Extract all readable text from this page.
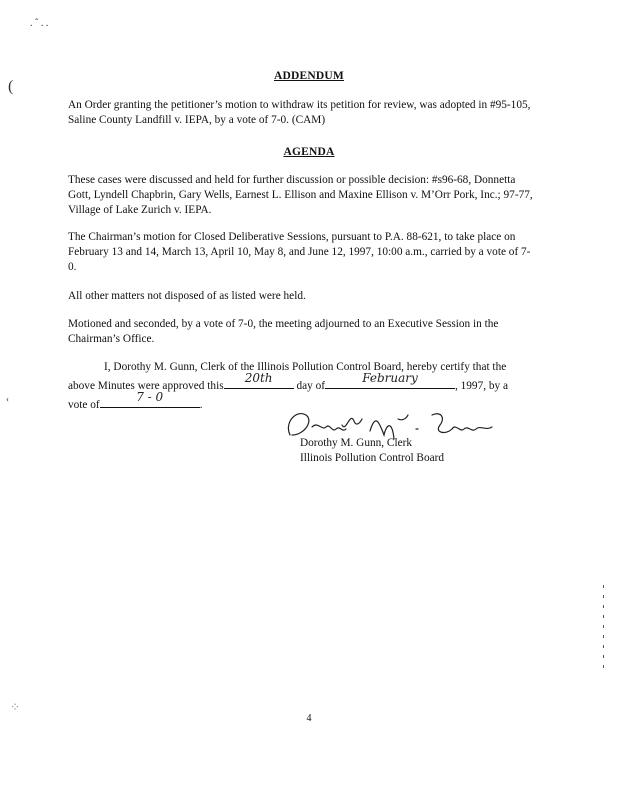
. ˆ . .
(
‹
⁘
ADDENDUM
An Order granting the petitioner’s motion to withdraw its petition for review, was adopted in #95-105, Saline County Landfill v. IEPA, by a vote of 7-0. (CAM)
AGENDA
These cases were discussed and held for further discussion or possible decision: #s96-68, Donnetta Gott, Lyndell Chapbrin, Gary Wells, Earnest L. Ellison and Maxine Ellison v. M’Orr Pork, Inc.; 97-77, Village of Lake Zurich v. IEPA.
The Chairman’s motion for Closed Deliberative Sessions, pursuant to P.A. 88-621, to take place on February 13 and 14, March 13, April 10, May 8, and June 12, 1997, 10:00 a.m., carried by a vote of 7-0.
All other matters not disposed of as listed were held.
Motioned and seconded, by a vote of 7-0, the meeting adjourned to an Executive Session in the Chairman’s Office.
I, Dorothy M. Gunn, Clerk of the Illinois Pollution Control Board, hereby certify that the
above Minutes were approved this
20th
day of
February
, 1997, by a
vote of
7 - 0
.	Dorothy M. Gunn
Dorothy M. Gunn, Clerk
Illinois Pollution Control Board
4
